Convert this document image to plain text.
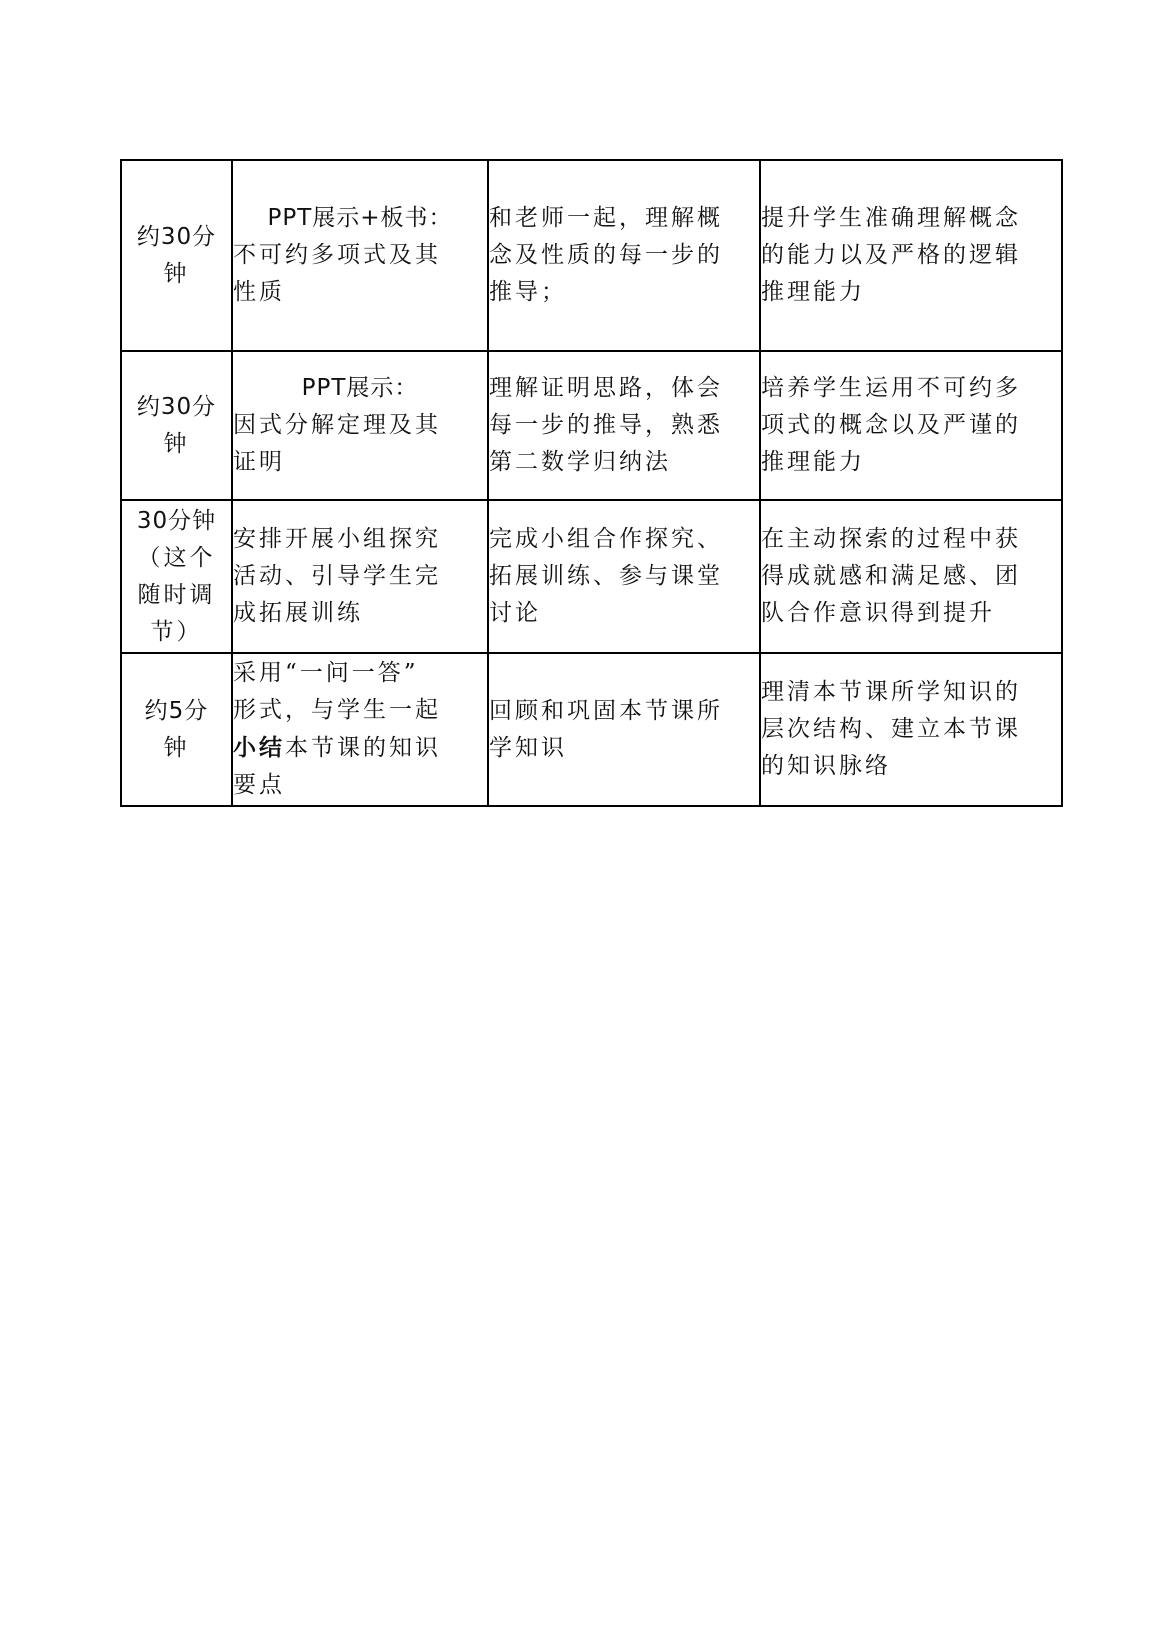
约30分
钟	PPT展示+板书：
不可约多项式及其
性质	和老师一起，理解概
念及性质的每一步的
推导；	提升学生准确理解概念
的能力以及严格的逻辑
推理能力

约30分
钟	PPT展示：
因式分解定理及其
证明	理解证明思路，体会
每一步的推导，熟悉
第二数学归纳法	培养学生运用不可约多
项式的概念以及严谨的
推理能力

30分钟
（这个
随时调
节）	安排开展小组探究
活动、引导学生完
成拓展训练	完成小组合作探究、
拓展训练、参与课堂
讨论	在主动探索的过程中获
得成就感和满足感、团
队合作意识得到提升

约5分
钟	采用“一问一答”
形式，与学生一起
小结本节课的知识
要点	回顾和巩固本节课所
学知识	理清本节课所学知识的
层次结构、建立本节课
的知识脉络
